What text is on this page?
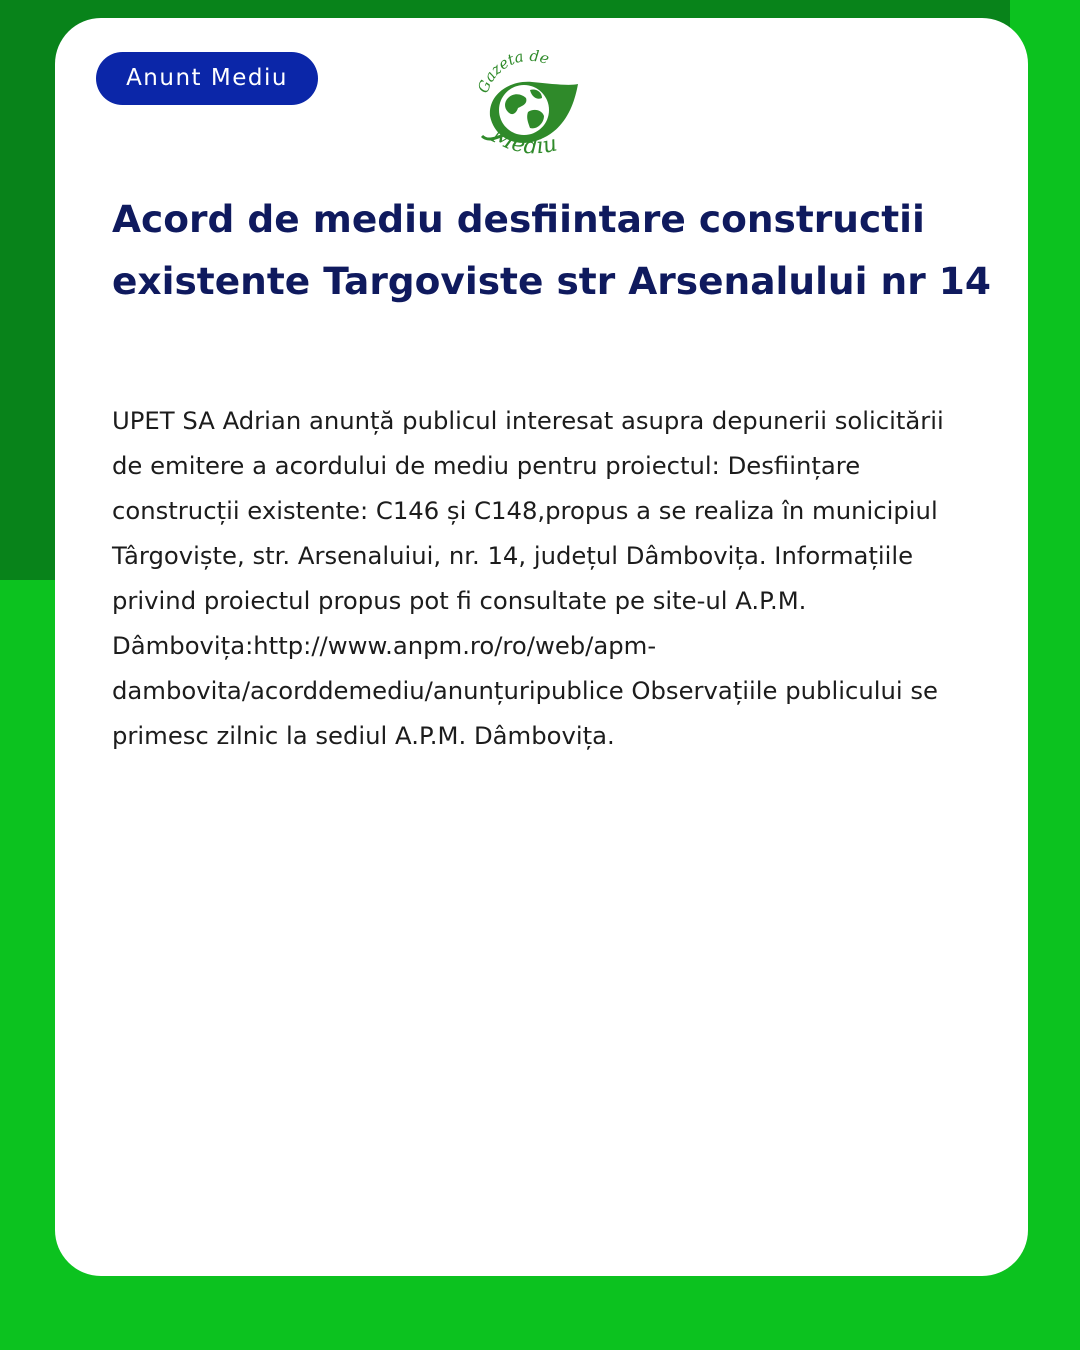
Anunt Mediu	Gazeta de
Mediu
Acord de mediu desfiintare constructii existente Targoviste str Arsenalului nr 14

UPET SA Adrian anunță publicul interesat asupra depunerii solicitării de emitere a acordului de mediu pentru proiectul: Desființare construcții existente: C146 și C148,propus a se realiza în municipiul Târgoviște, str. Arsenaluiui, nr. 14, județul Dâmbovița. Informațiile privind proiectul propus pot fi consultate pe site-ul A.P.M. Dâmbovița:http://www.anpm.ro/ro/web/apm-dambovita/acorddemediu/anunțuripublice Observațiile publicului se primesc zilnic la sediul A.P.M. Dâmbovița.
